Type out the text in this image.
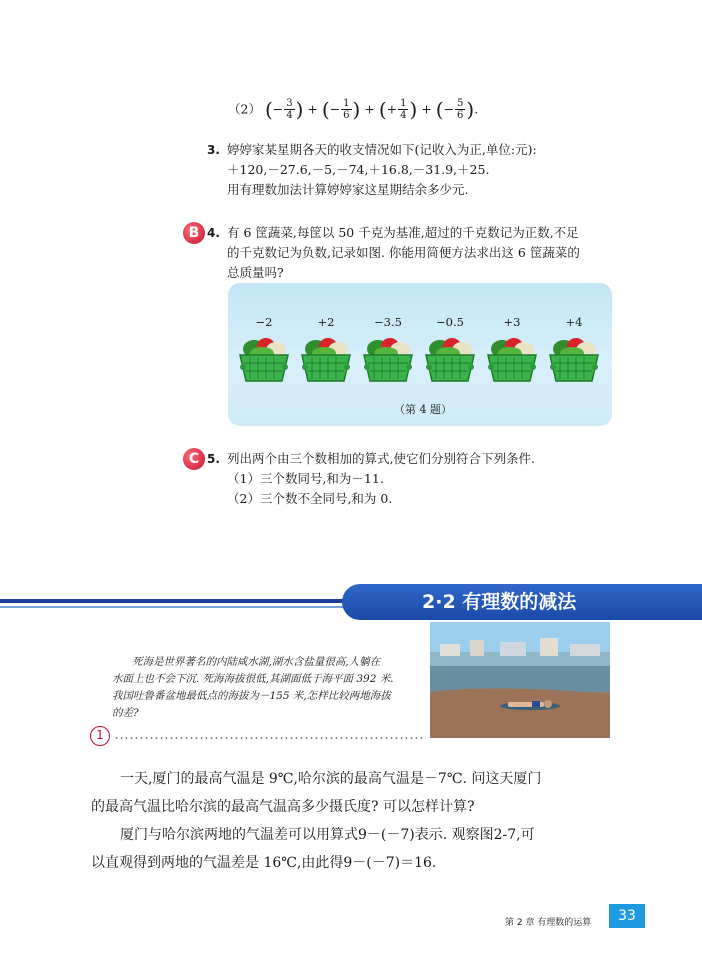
（2） (− $\frac{3}{4}$ ) + (− $\frac{1}{6}$ ) + (+ $\frac{1}{4}$ ) + (− $\frac{5}{6}$ ).
3. 婷婷家某星期各天的收支情况如下(记收入为正,单位:元):
＋120,－27.6,－5,－74,＋16.8,－31.9,＋25.
用有理数加法计算婷婷家这星期结余多少元.
B 4. 有 6 筐蔬菜,每筐以 50 千克为基准,超过的千克数记为正数,不足
的千克数记为负数,记录如图. 你能用简便方法求出这 6 筐蔬菜的
总质量吗?
−2	+2	−3.5	−0.5	+3	+4
（第 4 题）
C 5. 列出两个由三个数相加的算式,使它们分别符合下列条件.
（1）三个数同号,和为－11.
（2）三个数不全同号,和为 0.
2·2 有理数的减法
死海是世界著名的内陆咸水湖,湖水含盐量很高,人躺在
水面上也不会下沉. 死海海拔很低,其湖面低于海平面 392 米.
我国吐鲁番盆地最低点的海拔为－155 米,怎样比较两地海拔
的差?
1
一天,厦门的最高气温是 9℃,哈尔滨的最高气温是－7℃. 问这天厦门
的最高气温比哈尔滨的最高气温高多少摄氏度? 可以怎样计算?
厦门与哈尔滨两地的气温差可以用算式9－(－7)表示. 观察图2-7,可
以直观得到两地的气温差是 16℃,由此得9－(－7)＝16.
第 2 章 有理数的运算	33
